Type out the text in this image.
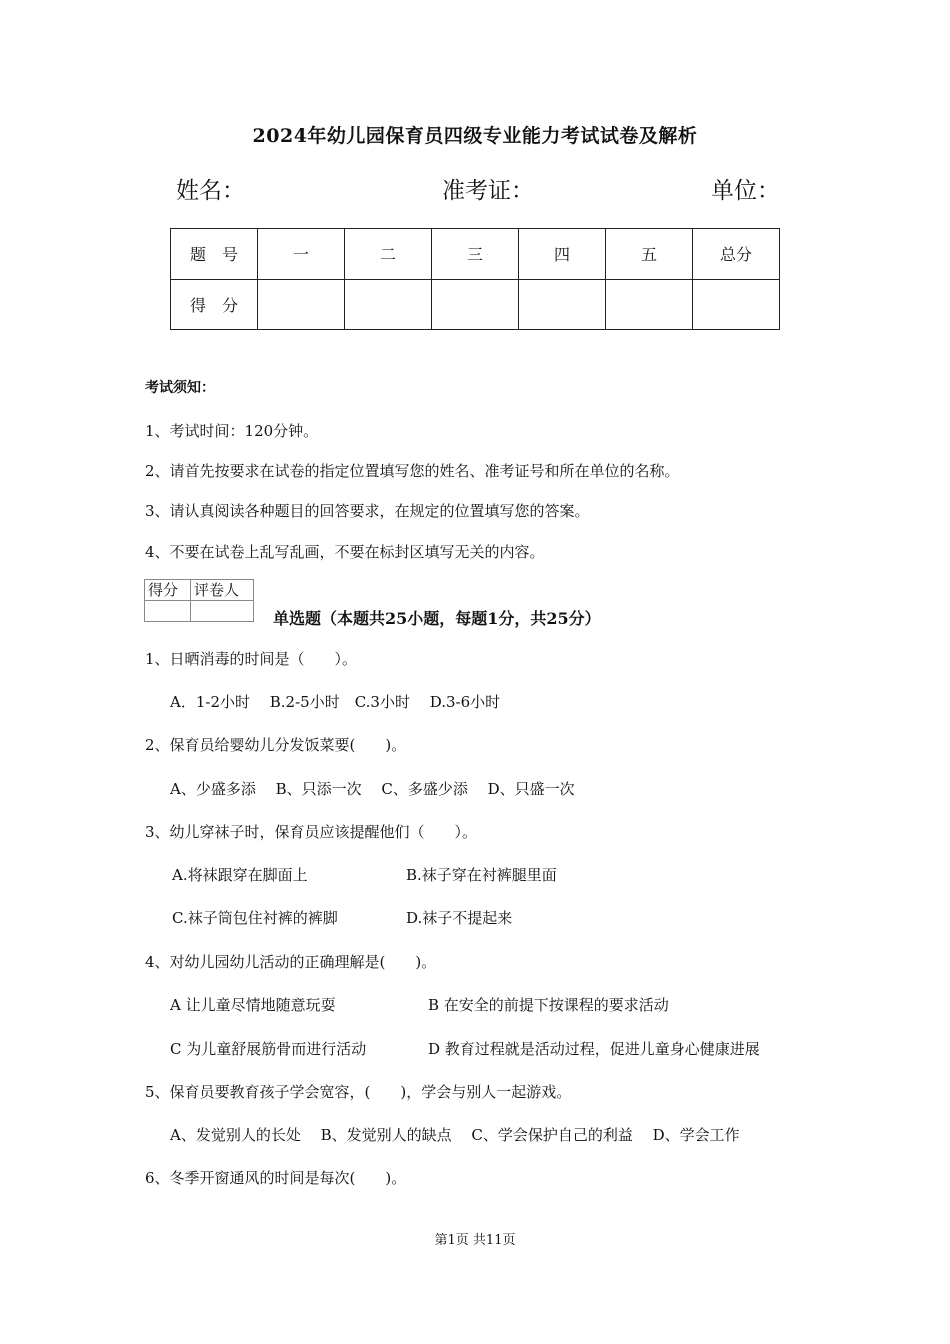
2024年幼儿园保育员四级专业能力考试试卷及解析
姓名：	准考证：	单位：
题　号	一	二	三	四	五	总分
得　分						
考试须知：
1、考试时间：120分钟。
2、请首先按要求在试卷的指定位置填写您的姓名、准考证号和所在单位的名称。
3、请认真阅读各种题目的回答要求，在规定的位置填写您的答案。
4、不要在试卷上乱写乱画，不要在标封区填写无关的内容。
得分	评卷人

单选题（本题共25小题，每题1分，共25分）
1、日晒消毒的时间是（　　）。
A．1-2小时　 B.2-5小时　C.3小时　 D.3-6小时
2、保育员给婴幼儿分发饭菜要(　　)。
A、少盛多添　 B、只添一次　 C、多盛少添　 D、只盛一次
3、幼儿穿袜子时，保育员应该提醒他们（　　）。
A.将袜跟穿在脚面上	B.袜子穿在衬裤腿里面
C.袜子筒包住衬裤的裤脚	D.袜子不提起来
4、对幼儿园幼儿活动的正确理解是(　　)。
A 让儿童尽情地随意玩耍	B 在安全的前提下按课程的要求活动
C 为儿童舒展筋骨而进行活动	D 教育过程就是活动过程，促进儿童身心健康进展
5、保育员要教育孩子学会宽容，(　　)，学会与别人一起游戏。
A、发觉别人的长处　 B、发觉别人的缺点　 C、学会保护自己的利益　 D、学会工作
6、冬季开窗通风的时间是每次(　　)。
第1页 共11页
